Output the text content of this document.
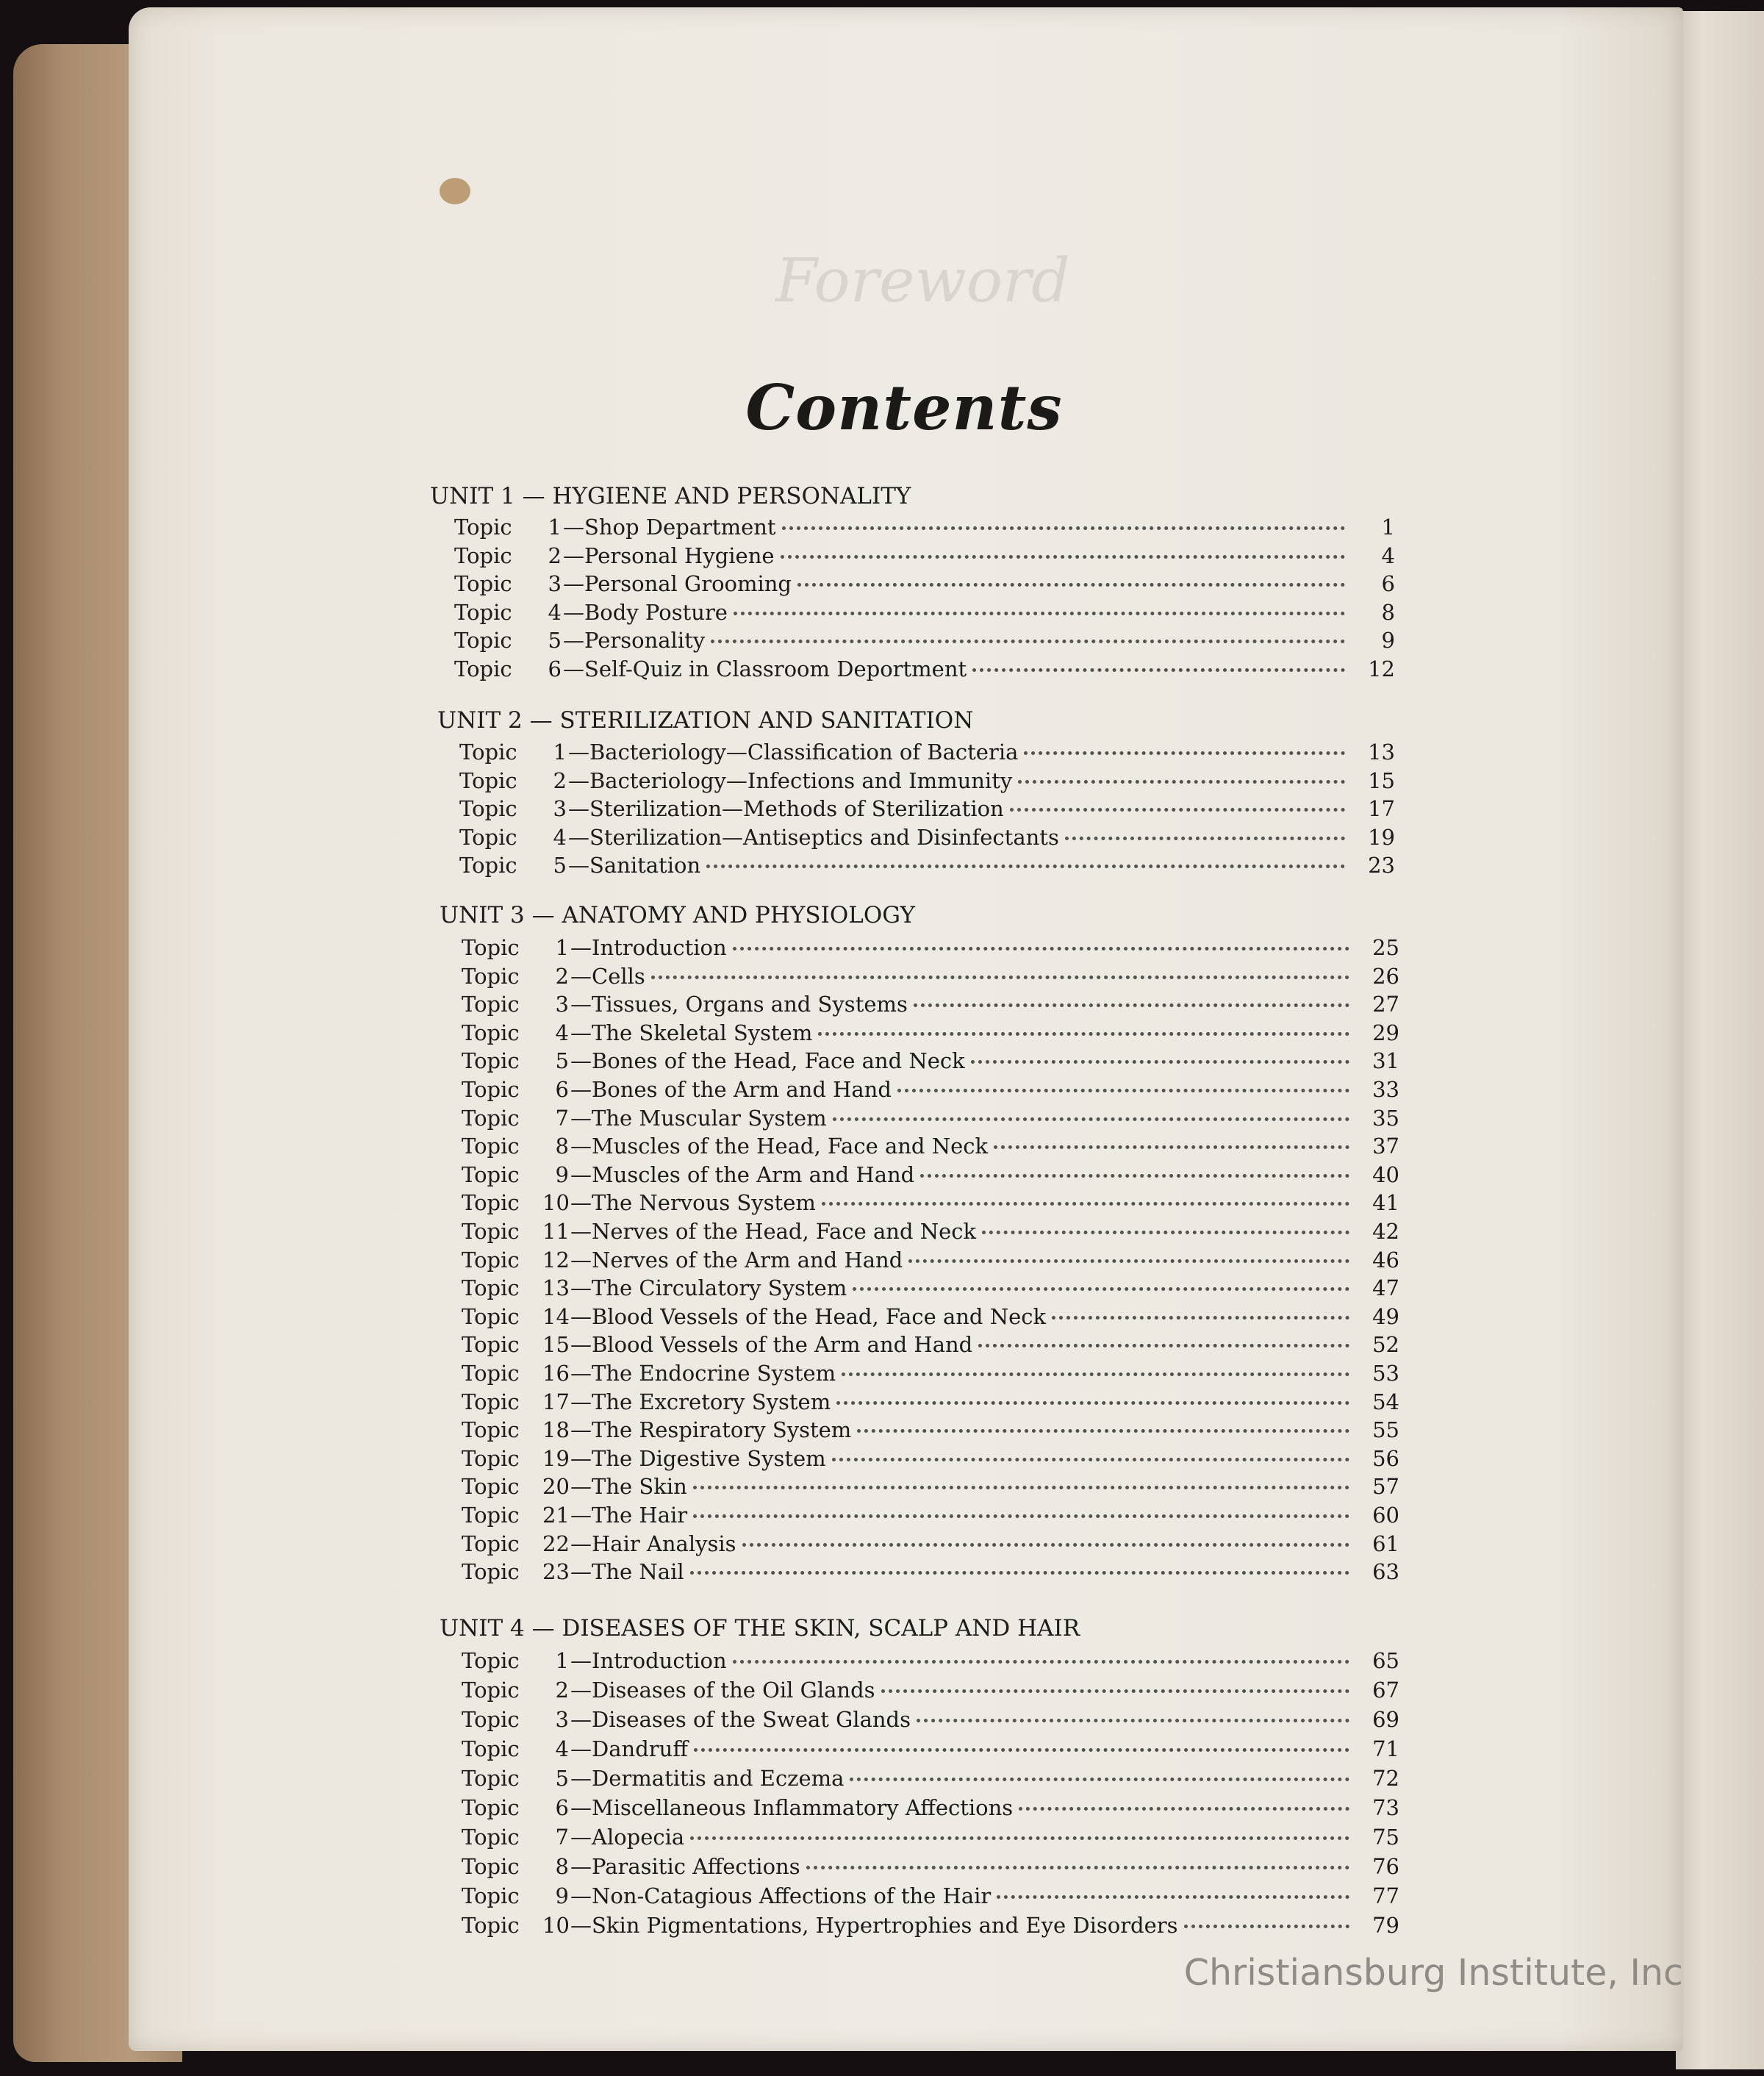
Foreword
Contents
UNIT 1 — HYGIENE AND PERSONALITY
Topic	1 —Shop Department	1
Topic	2 —Personal Hygiene	4
Topic	3 —Personal Grooming	6
Topic	4 —Body Posture	8
Topic	5 —Personality	9
Topic	6 —Self-Quiz in Classroom Deportment	12
UNIT 2 — STERILIZATION AND SANITATION
Topic	1 —Bacteriology—Classification of Bacteria	13
Topic	2 —Bacteriology—Infections and Immunity	15
Topic	3 —Sterilization—Methods of Sterilization	17
Topic	4 —Sterilization—Antiseptics and Disinfectants	19
Topic	5 —Sanitation	23
UNIT 3 — ANATOMY AND PHYSIOLOGY
Topic	1 —Introduction	25
Topic	2 —Cells	26
Topic	3 —Tissues, Organs and Systems	27
Topic	4 —The Skeletal System	29
Topic	5 —Bones of the Head, Face and Neck	31
Topic	6 —Bones of the Arm and Hand	33
Topic	7 —The Muscular System	35
Topic	8 —Muscles of the Head, Face and Neck	37
Topic	9 —Muscles of the Arm and Hand	40
Topic	10 —The Nervous System	41
Topic	11 —Nerves of the Head, Face and Neck	42
Topic	12 —Nerves of the Arm and Hand	46
Topic	13 —The Circulatory System	47
Topic	14 —Blood Vessels of the Head, Face and Neck	49
Topic	15 —Blood Vessels of the Arm and Hand	52
Topic	16 —The Endocrine System	53
Topic	17 —The Excretory System	54
Topic	18 —The Respiratory System	55
Topic	19 —The Digestive System	56
Topic	20 —The Skin	57
Topic	21 —The Hair	60
Topic	22 —Hair Analysis	61
Topic	23 —The Nail	63
UNIT 4 — DISEASES OF THE SKIN, SCALP AND HAIR
Topic	1 —Introduction	65
Topic	2 —Diseases of the Oil Glands	67
Topic	3 —Diseases of the Sweat Glands	69
Topic	4 —Dandruff	71
Topic	5 —Dermatitis and Eczema	72
Topic	6 —Miscellaneous Inflammatory Affections	73
Topic	7 —Alopecia	75
Topic	8 —Parasitic Affections	76
Topic	9 —Non-Catagious Affections of the Hair	77
Topic	10 —Skin Pigmentations, Hypertrophies and Eye Disorders	79
Christiansburg Institute, Inc
